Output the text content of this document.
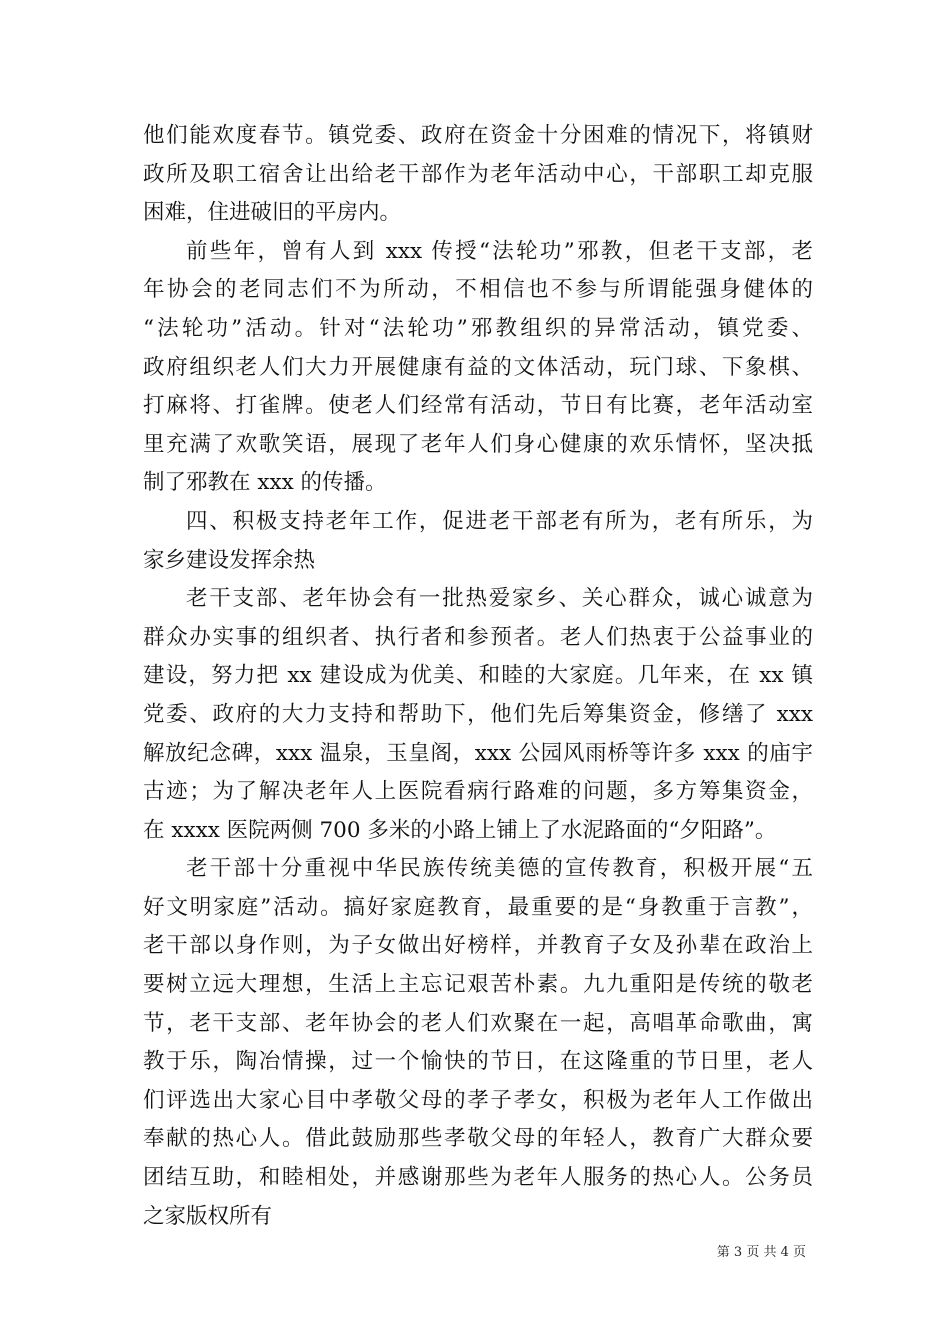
他们能欢度春节。镇党委、政府在资金十分困难的情况下，将镇财
政所及职工宿舍让出给老干部作为老年活动中心，干部职工却克服
困难，住进破旧的平房内。
前些年，曾有人到 xxx 传授“法轮功”邪教，但老干支部，老
年协会的老同志们不为所动，不相信也不参与所谓能强身健体的
“法轮功”活动。针对“法轮功”邪教组织的异常活动，镇党委、
政府组织老人们大力开展健康有益的文体活动，玩门球、下象棋、
打麻将、打雀牌。使老人们经常有活动，节日有比赛，老年活动室
里充满了欢歌笑语，展现了老年人们身心健康的欢乐情怀，坚决抵
制了邪教在 xxx 的传播。
四、积极支持老年工作，促进老干部老有所为，老有所乐，为
家乡建设发挥余热
老干支部、老年协会有一批热爱家乡、关心群众，诚心诚意为
群众办实事的组织者、执行者和参预者。老人们热衷于公益事业的
建设，努力把 xx 建设成为优美、和睦的大家庭。几年来，在 xx 镇
党委、政府的大力支持和帮助下，他们先后筹集资金，修缮了 xxx
解放纪念碑，xxx 温泉，玉皇阁，xxx 公园风雨桥等许多 xxx 的庙宇
古迹；为了解决老年人上医院看病行路难的问题，多方筹集资金，
在 xxxx 医院两侧 700 多米的小路上铺上了水泥路面的“夕阳路”。
老干部十分重视中华民族传统美德的宣传教育，积极开展“五
好文明家庭”活动。搞好家庭教育，最重要的是“身教重于言教”，
老干部以身作则，为子女做出好榜样，并教育子女及孙辈在政治上
要树立远大理想，生活上主忘记艰苦朴素。九九重阳是传统的敬老
节，老干支部、老年协会的老人们欢聚在一起，高唱革命歌曲，寓
教于乐，陶冶情操，过一个愉快的节日，在这隆重的节日里，老人
们评选出大家心目中孝敬父母的孝子孝女，积极为老年人工作做出
奉献的热心人。借此鼓励那些孝敬父母的年轻人，教育广大群众要
团结互助，和睦相处，并感谢那些为老年人服务的热心人。公务员
之家版权所有
第 3 页 共 4 页
